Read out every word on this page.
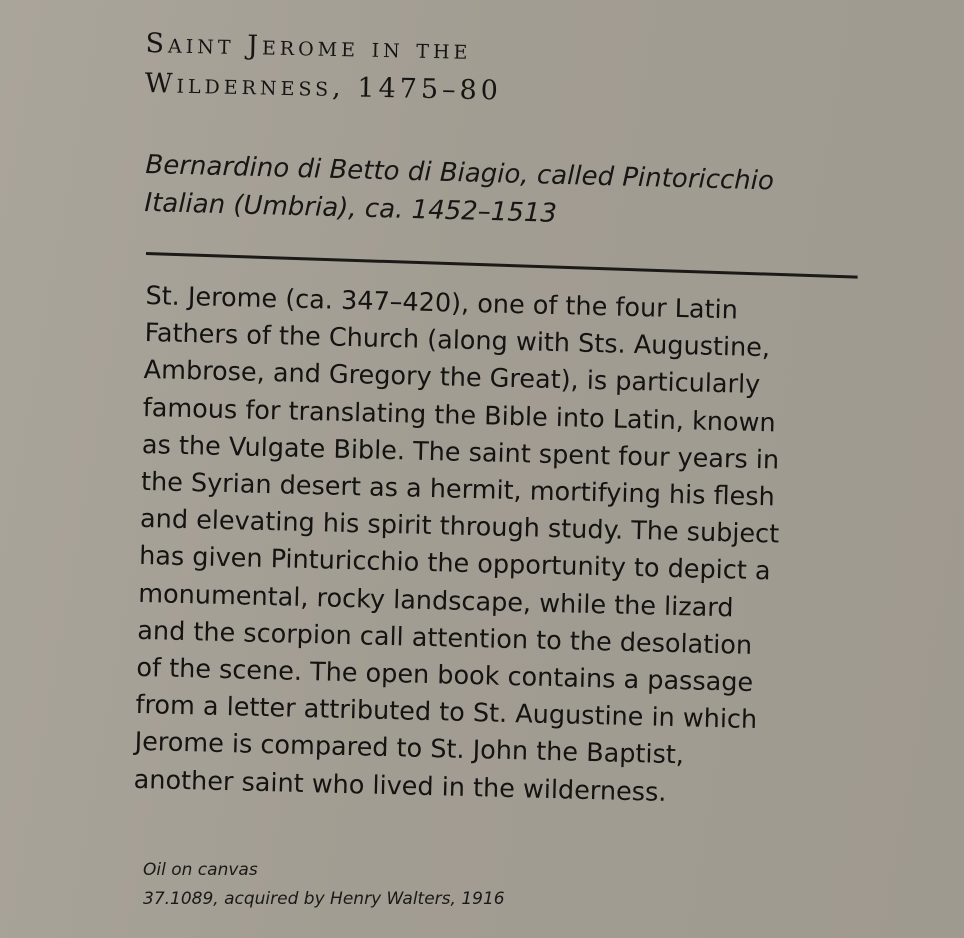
Saint Jerome in the
Wilderness, 1475–80
Bernardino di Betto di Biagio, called Pintoricchio
Italian (Umbria), ca. 1452–1513
St. Jerome (ca. 347–420), one of the four Latin
Fathers of the Church (along with Sts. Augustine,
Ambrose, and Gregory the Great), is particularly
famous for translating the Bible into Latin, known
as the Vulgate Bible. The saint spent four years in
the Syrian desert as a hermit, mortifying his flesh
and elevating his spirit through study. The subject
has given Pinturicchio the opportunity to depict a
monumental, rocky landscape, while the lizard
and the scorpion call attention to the desolation
of the scene. The open book contains a passage
from a letter attributed to St. Augustine in which
Jerome is compared to St. John the Baptist,
another saint who lived in the wilderness.
Oil on canvas
37.1089, acquired by Henry Walters, 1916
